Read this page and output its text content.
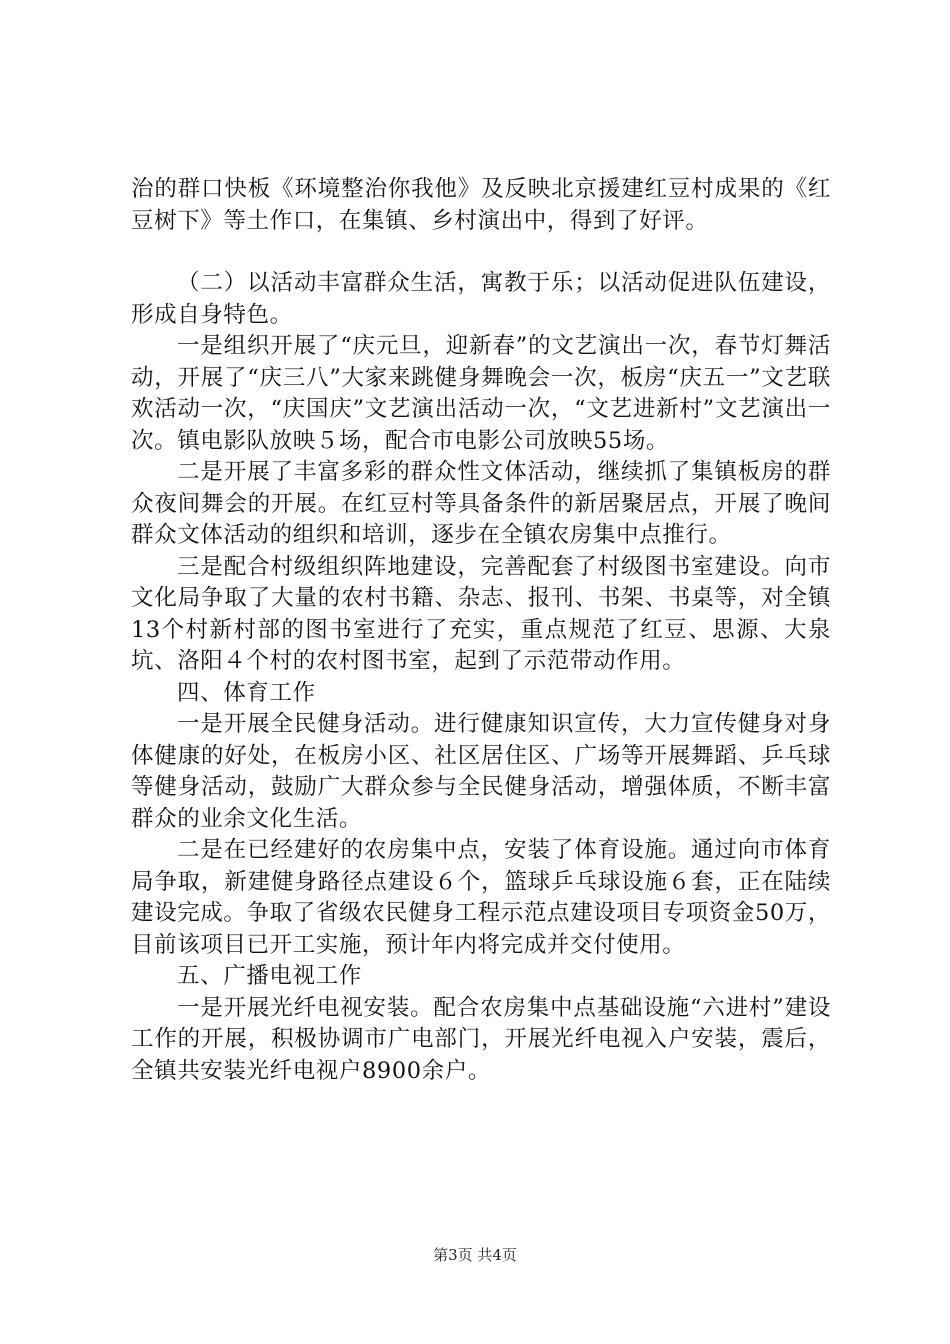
治的群口快板《环境整治你我他》及反映北京援建红豆村成果的《红豆树下》等土作口，在集镇、乡村演出中，得到了好评。

（二）以活动丰富群众生活，寓教于乐；以活动促进队伍建设，形成自身特色。

一是组织开展了“庆元旦，迎新春”的文艺演出一次，春节灯舞活动，开展了“庆三八”大家来跳健身舞晚会一次，板房“庆五一”文艺联欢活动一次，“庆国庆”文艺演出活动一次，“文艺进新村”文艺演出一次。镇电影队放映５场，配合市电影公司放映55场。

二是开展了丰富多彩的群众性文体活动，继续抓了集镇板房的群众夜间舞会的开展。在红豆村等具备条件的新居聚居点，开展了晚间群众文体活动的组织和培训，逐步在全镇农房集中点推行。

三是配合村级组织阵地建设，完善配套了村级图书室建设。向市文化局争取了大量的农村书籍、杂志、报刊、书架、书桌等，对全镇13个村新村部的图书室进行了充实，重点规范了红豆、思源、大泉坑、洛阳４个村的农村图书室，起到了示范带动作用。

四、体育工作

一是开展全民健身活动。进行健康知识宣传，大力宣传健身对身体健康的好处，在板房小区、社区居住区、广场等开展舞蹈、乒乓球等健身活动，鼓励广大群众参与全民健身活动，增强体质，不断丰富群众的业余文化生活。

二是在已经建好的农房集中点，安装了体育设施。通过向市体育局争取，新建健身路径点建设６个，篮球乒乓球设施６套，正在陆续建设完成。争取了省级农民健身工程示范点建设项目专项资金50万，目前该项目已开工实施，预计年内将完成并交付使用。

五、广播电视工作

一是开展光纤电视安装。配合农房集中点基础设施“六进村”建设工作的开展，积极协调市广电部门，开展光纤电视入户安装，震后，全镇共安装光纤电视户8900余户。

第3页 共4页
